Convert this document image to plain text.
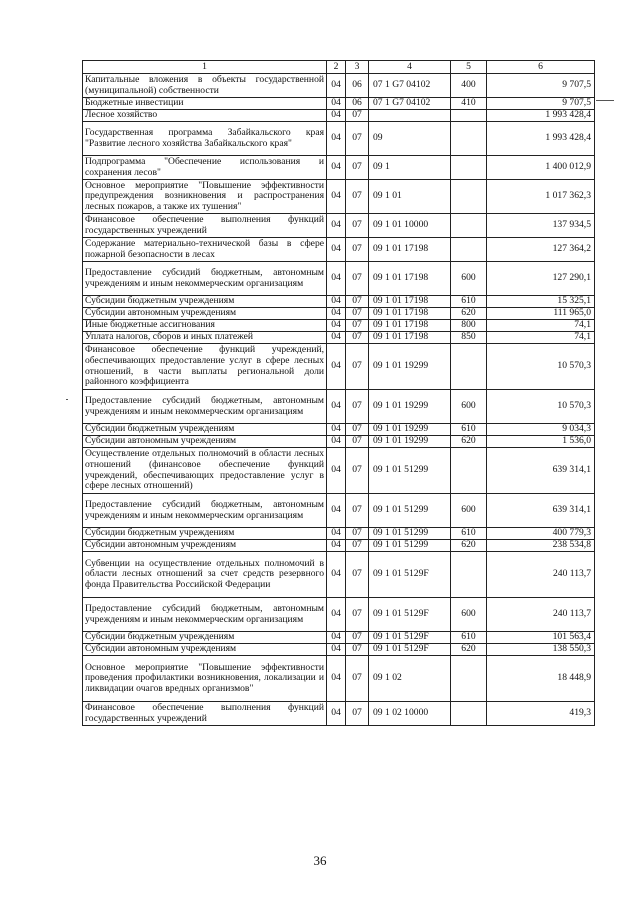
1	2	3	4	5	6
Капитальные вложения в объекты государственной (муниципальной) собственности	04	06	07 1 G7 04102	400	9 707,5
Бюджетные инвестиции	04	06	07 1 G7 04102	410	9 707,5
Лесное хозяйство	04	07			1 993 428,4
Государственная программа Забайкальского края "Развитие лесного хозяйства Забайкальского края"	04	07	09		1 993 428,4
Подпрограмма "Обеспечение использования и сохранения лесов"	04	07	09 1		1 400 012,9
Основное мероприятие "Повышение эффективности предупреждения возникновения и распространения лесных пожаров, а также их тушения"	04	07	09 1 01		1 017 362,3
Финансовое обеспечение выполнения функций государственных учреждений	04	07	09 1 01 10000		137 934,5
Содержание материально-технической базы в сфере пожарной безопасности в лесах	04	07	09 1 01 17198		127 364,2
Предоставление субсидий бюджетным, автономным учреждениям и иным некоммерческим организациям	04	07	09 1 01 17198	600	127 290,1
Субсидии бюджетным учреждениям	04	07	09 1 01 17198	610	15 325,1
Субсидии автономным учреждениям	04	07	09 1 01 17198	620	111 965,0
Иные бюджетные ассигнования	04	07	09 1 01 17198	800	74,1
Уплата налогов, сборов и иных платежей	04	07	09 1 01 17198	850	74,1
Финансовое обеспечение функций учреждений, обеспечивающих предоставление услуг в сфере лесных отношений, в части выплаты региональной доли районного коэффициента	04	07	09 1 01 19299		10 570,3
Предоставление субсидий бюджетным, автономным учреждениям и иным некоммерческим организациям	04	07	09 1 01 19299	600	10 570,3
Субсидии бюджетным учреждениям	04	07	09 1 01 19299	610	9 034,3
Субсидии автономным учреждениям	04	07	09 1 01 19299	620	1 536,0
Осуществление отдельных полномочий в области лесных отношений (финансовое обеспечение функций учреждений, обеспечивающих предоставление услуг в сфере лесных отношений)	04	07	09 1 01 51299		639 314,1
Предоставление субсидий бюджетным, автономным учреждениям и иным некоммерческим организациям	04	07	09 1 01 51299	600	639 314,1
Субсидии бюджетным учреждениям	04	07	09 1 01 51299	610	400 779,3
Субсидии автономным учреждениям	04	07	09 1 01 51299	620	238 534,8
Субвенции на осуществление отдельных полномочий в области лесных отношений за счет средств резервного фонда Правительства Российской Федерации	04	07	09 1 01 5129F		240 113,7
Предоставление субсидий бюджетным, автономным учреждениям и иным некоммерческим организациям	04	07	09 1 01 5129F	600	240 113,7
Субсидии бюджетным учреждениям	04	07	09 1 01 5129F	610	101 563,4
Субсидии автономным учреждениям	04	07	09 1 01 5129F	620	138 550,3
Основное мероприятие "Повышение эффективности проведения профилактики возникновения, локализации и ликвидации очагов вредных организмов"	04	07	09 1 02		18 448,9
Финансовое обеспечение выполнения функций государственных учреждений	04	07	09 1 02 10000		419,3
36
